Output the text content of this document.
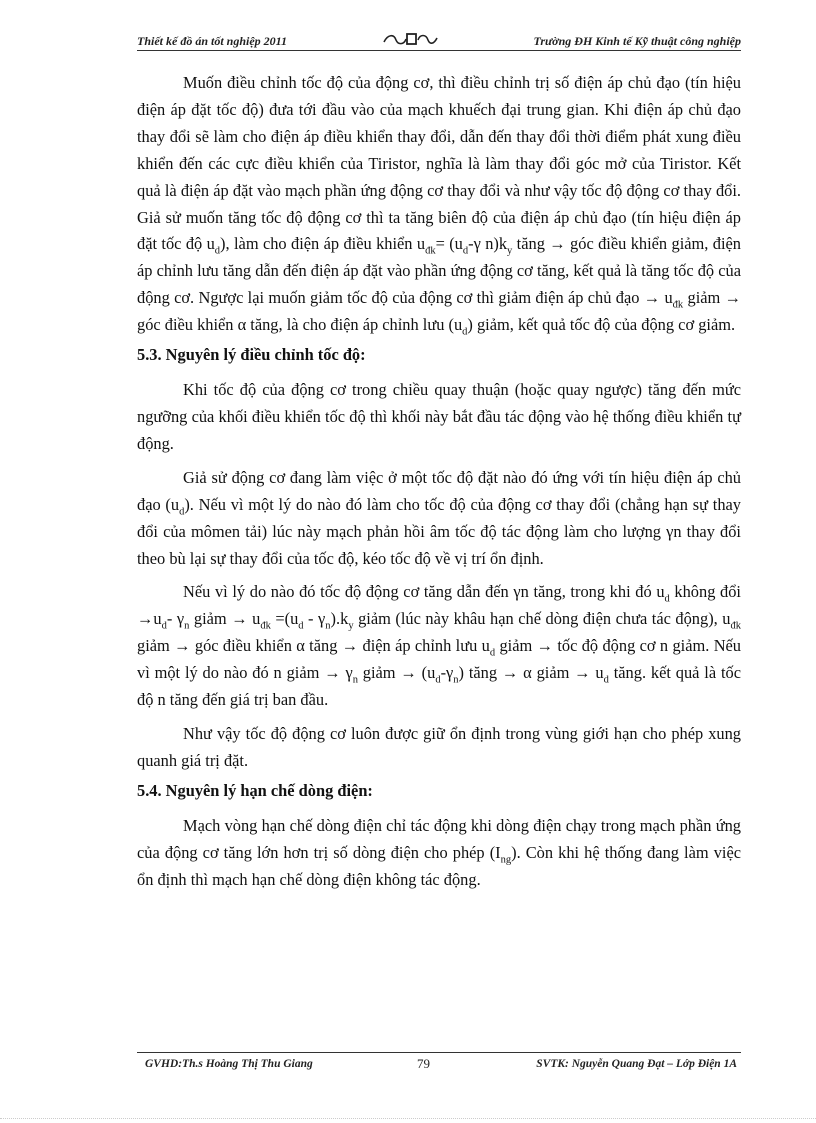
Thiết kế đồ án tốt nghiệp 2011	Trường ĐH Kinh tế Kỹ thuật công nghiệp

Muốn điều chỉnh tốc độ của động cơ, thì điều chỉnh trị số điện áp chủ đạo (tín hiệu điện áp đặt tốc độ) đưa tới đầu vào của mạch khuếch đại trung gian. Khi điện áp chủ đạo thay đổi sẽ làm cho điện áp điều khiển thay đổi, dẫn đến thay đổi thời điểm phát xung điều khiển đến các cực điều khiển của Tiristor, nghĩa là làm thay đổi góc mở của Tiristor. Kết quả là điện áp đặt vào mạch phần ứng động cơ thay đổi và như vậy tốc độ động cơ thay đổi. Giả sử muốn tăng tốc độ động cơ thì ta tăng biên độ của điện áp chủ đạo (tín hiệu điện áp đặt tốc độ $u_d$), làm cho điện áp điều khiển $u_{đk}= (u_d-\gamma$ $n)k_y$ tăng → góc điều khiển giảm, điện áp chỉnh lưu tăng dẫn đến điện áp đặt vào phần ứng động cơ tăng, kết quả là tăng tốc độ của động cơ. Ngược lại muốn giảm tốc độ của động cơ thì giảm điện áp chủ đạo → $u_{đk}$ giảm → góc điều khiển α tăng, là cho điện áp chỉnh lưu $(u_d)$ giảm, kết quả tốc độ của động cơ giảm.

5.3. Nguyên lý điều chỉnh tốc độ:

Khi tốc độ của động cơ trong chiều quay thuận (hoặc quay ngược) tăng đến mức ngưỡng của khối điều khiển tốc độ thì khối này bắt đầu tác động vào hệ thống điều khiển tự động.

Giả sử động cơ đang làm việc ở một tốc độ đặt nào đó ứng với tín hiệu điện áp chủ đạo $(u_d)$. Nếu vì một lý do nào đó làm cho tốc độ của động cơ thay đổi (chẳng hạn sự thay đổi của mômen tải) lúc này mạch phản hồi âm tốc độ tác động làm cho lượng γn thay đổi theo bù lại sự thay đổi của tốc độ, kéo tốc độ về vị trí ổn định.

Nếu vì lý do nào đó tốc độ động cơ tăng dẫn đến γn tăng, trong khi đó $u_d$ không đổi $\to u_d-$ $\gamma_n$ giảm → $u_{đk} =(u_d - \gamma_n).k_y$ giảm (lúc này khâu hạn chế dòng điện chưa tác động), $u_{đk}$ giảm → góc điều khiển α tăng → điện áp chỉnh lưu $u_d$ giảm → tốc độ động cơ n giảm. Nếu vì một lý do nào đó n giảm → $\gamma_n$ giảm → $(u_d-\gamma_n)$ tăng → α giảm → $u_d$ tăng. kết quả là tốc độ n tăng đến giá trị ban đầu.

Như vậy tốc độ động cơ luôn được giữ ổn định trong vùng giới hạn cho phép xung quanh giá trị đặt.

5.4. Nguyên lý hạn chế dòng điện:

Mạch vòng hạn chế dòng điện chỉ tác động khi dòng điện chạy trong mạch phần ứng của động cơ tăng lớn hơn trị số dòng điện cho phép $(I_{ng})$. Còn khi hệ thống đang làm việc ổn định thì mạch hạn chế dòng điện không tác động.

GVHD:Th.s Hoàng Thị Thu Giang	79	SVTK: Nguyễn Quang Đạt – Lớp Điện 1A
